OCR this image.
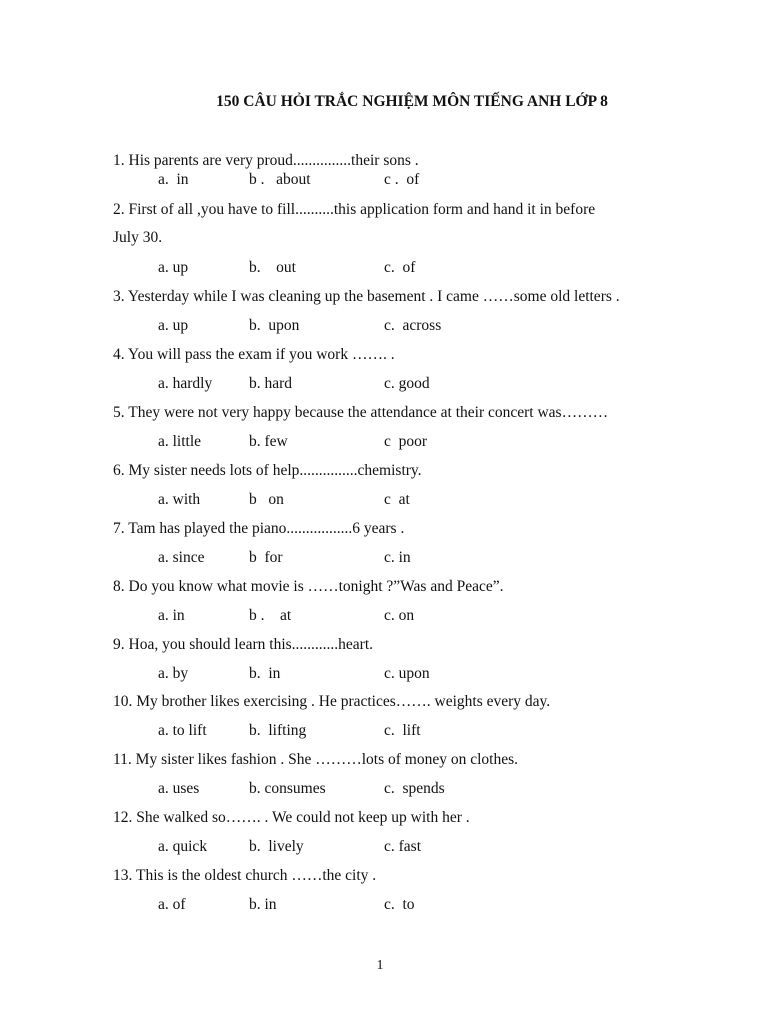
150 CÂU HỎI TRẮC NGHIỆM MÔN TIẾNG ANH LỚP 8
1. His parents are very proud...............their sons .
a.  in	b .   about	c .  of
2. First of all ,you have to fill..........this application form and hand it in before
July 30.
a. up	b.    out	c.  of
3. Yesterday while I was cleaning up the basement . I came ……some old letters .
a. up	b.  upon	c.  across
4. You will pass the exam if you work ……. .
a. hardly b. hard	c. good
5. They were not very happy because the attendance at their concert was………
a. little	b. few	c  poor
6. My sister needs lots of help...............chemistry.
a. with	b   on	c  at
7. Tam has played the piano.................6 years .
a. since	b  for	c. in
8. Do you know what movie is ……tonight ?”Was and Peace”.
a. in	b .    at	c. on
9. Hoa, you should learn this............heart.
a. by	b.  in	c. upon
10. My brother likes exercising . He practices……. weights every day.
a. to lift	b.  lifting	c.  lift
11. My sister likes fashion . She ………lots of money on clothes.
a. uses	b. consumes	c.  spends
12. She walked so……. . We could not keep up with her .
a. quick	b.  lively	c. fast
13. This is the oldest church ……the city .
a. of	b. in	c.  to
1
